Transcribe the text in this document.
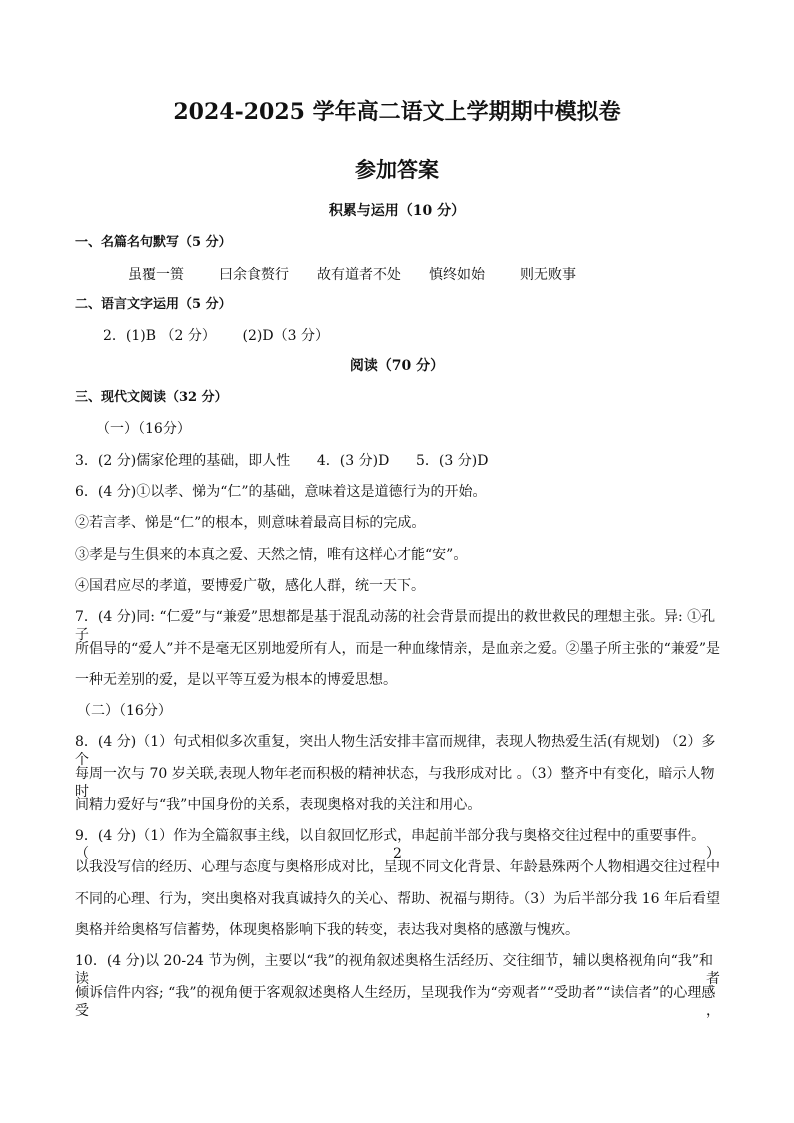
2024-2025 学年高二语文上学期期中模拟卷
参加答案
积累与运用（10 分）
一、名篇名句默写（5 分）
虽覆一篑	曰余食赘行 故有道者不处 慎终如始	则无败事
二、语言文字运用（5 分）
2．(1)B （2 分）      (2)D（3 分）
阅读（70 分）
三、现代文阅读（32 分）
（一）（16分）
3．(2 分)儒家伦理的基础，即人性      4．(3 分)D      5．(3 分)D
6．(4 分)①以孝、悌为“仁”的基础，意味着这是道德行为的开始。
②若言孝、悌是“仁”的根本，则意味着最高目标的完成。
③孝是与生俱来的本真之爱、天然之情，唯有这样心才能“安”。
④国君应尽的孝道，要博爱广敬，感化人群，统一天下。
7．(4 分)同: “仁爱”与“兼爱”思想都是基于混乱动荡的社会背景而提出的救世救民的理想主张。异: ①孔子
所倡导的“爱人”并不是毫无区别地爱所有人，而是一种血缘情亲，是血亲之爱。②墨子所主张的“兼爱”是
一种无差别的爱，是以平等互爱为根本的博爱思想。
（二）（16分）
8．(4 分)（1）句式相似多次重复，突出人物生活安排丰富而规律，表现人物热爱生活(有规划) （2）多个
每周一次与 70 岁关联,表现人物年老而积极的精神状态，与我形成对比 。（3）整齐中有变化，暗示人物时
间精力爱好与“我”中国身份的关系，表现奥格对我的关注和用心。
9．(4 分)（1）作为全篇叙事主线，以自叙回忆形式，串起前半部分我与奥格交往过程中的重要事件。（2）
以我没写信的经历、心理与态度与奥格形成对比，呈现不同文化背景、年龄悬殊两个人物相遇交往过程中
不同的心理、行为，突出奥格对我真诚持久的关心、帮助、祝福与期待。（3）为后半部分我 16 年后看望
奥格并给奥格写信蓄势，体现奥格影响下我的转变，表达我对奥格的感激与愧疚。
10．(4 分)以 20-24 节为例，主要以“我”的视角叙述奥格生活经历、交往细节，辅以奥格视角向“我”和读者
倾诉信件内容; “我”的视角便于客观叙述奥格人生经历，呈现我作为“旁观者”“受助者”“读信者”的心理感受，
